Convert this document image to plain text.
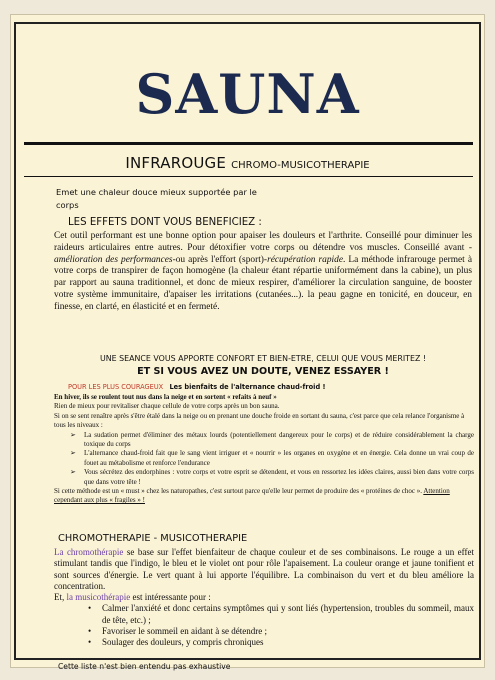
SAUNA
INFRAROUGE CHROMO-MUSICOTHERAPIE
Emet une chaleur douce mieux supportée par le
corps
LES EFFETS DONT VOUS BENEFICIEZ :
Cet outil performant est une bonne option pour apaiser les douleurs et l'arthrite. Conseillé pour diminuer les raideurs articulaires entre autres. Pour détoxifier votre corps ou détendre vos muscles. Conseillé avant -amélioration des performances-ou après l'effort (sport)-récupération rapide. La méthode infrarouge permet à votre corps de transpirer de façon homogène (la chaleur étant répartie uniformément dans la cabine), un plus par rapport au sauna traditionnel, et donc de mieux respirer, d'améliorer la circulation sanguine, de booster votre système immunitaire, d'apaiser les irritations (cutanées...). la peau gagne en tonicité, en douceur, en finesse, en clarté, en élasticité et en fermeté.
UNE SEANCE VOUS APPORTE CONFORT ET BIEN-ETRE, CELUI QUE VOUS MERITEZ !
ET SI VOUS AVEZ UN DOUTE, VENEZ ESSAYER !
POUR LES PLUS COURAGEUX Les bienfaits de l'alternance chaud-froid !

En hiver, ils se roulent tout nus dans la neige et en sortent « refaits à neuf »

Rien de mieux pour revitaliser chaque cellule de votre corps après un bon sauna.

Si on se sent renaître après s'être étalé dans la neige ou en prenant une douche froide en sortant du sauna, c'est parce que cela relance l'organisme à tous les niveaux :

➢ La sudation permet d'éliminer des métaux lourds (potentiellement dangereux pour le corps) et de réduire considérablement la charge toxique du corps
➢ L'alternance chaud-froid fait que le sang vient irriguer et « nourrir » les organes en oxygène et en énergie. Cela donne un vrai coup de fouet au métabolisme et renforce l'endurance
➢ Vous sécrétez des endorphines : votre corps et votre esprit se détendent, et vous en ressortez les idées claires, aussi bien dans votre corps que dans votre tête !

Si cette méthode est un « must » chez les naturopathes, c'est surtout parce qu'elle leur permet de produire des « protéines de choc ». Attention cependant aux plus « fragiles » !

CHROMOTHERAPIE - MUSICOTHERAPIE

La chromothérapie se base sur l'effet bienfaiteur de chaque couleur et de ses combinaisons. Le rouge a un effet stimulant tandis que l'indigo, le bleu et le violet ont pour rôle l'apaisement. La couleur orange et jaune tonifient et sont sources d'énergie. Le vert quant à lui apporte l'équilibre. La combinaison du vert et du bleu améliore la concentration.

Et, la musicothérapie est intéressante pour :

• Calmer l'anxiété et donc certains symptômes qui y sont liés (hypertension, troubles du sommeil, maux de tête, etc.) ;
• Favoriser le sommeil en aidant à se détendre ;
• Soulager des douleurs, y compris chroniques
Cette liste n'est bien entendu pas exhaustive
